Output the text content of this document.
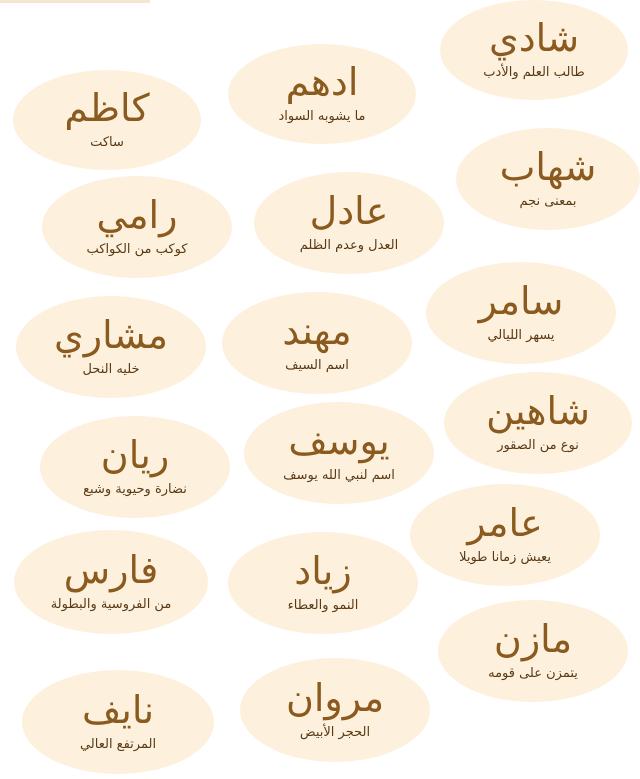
شادي
طالب العلم والأدب
ادهم
ما يشوبه السواد
كاظم
ساكت
شهاب
بمعنى نجم
عادل
العدل وعدم الظلم
رامي
كوكب من الكواكب
سامر
يسهر الليالي
مهند
اسم السيف
مشاري
خليه النحل
شاهين
نوع من الصقور
يوسف
اسم لنبي الله يوسف
ريان
نضارة وحيوية وشبع
عامر
يعيش زمانا طويلا
زياد
النمو والعطاء
فارس
من الفروسية والبطولة
مازن
يتمزن على قومه
مروان
الحجر الأبيض
نايف
المرتفع العالي
